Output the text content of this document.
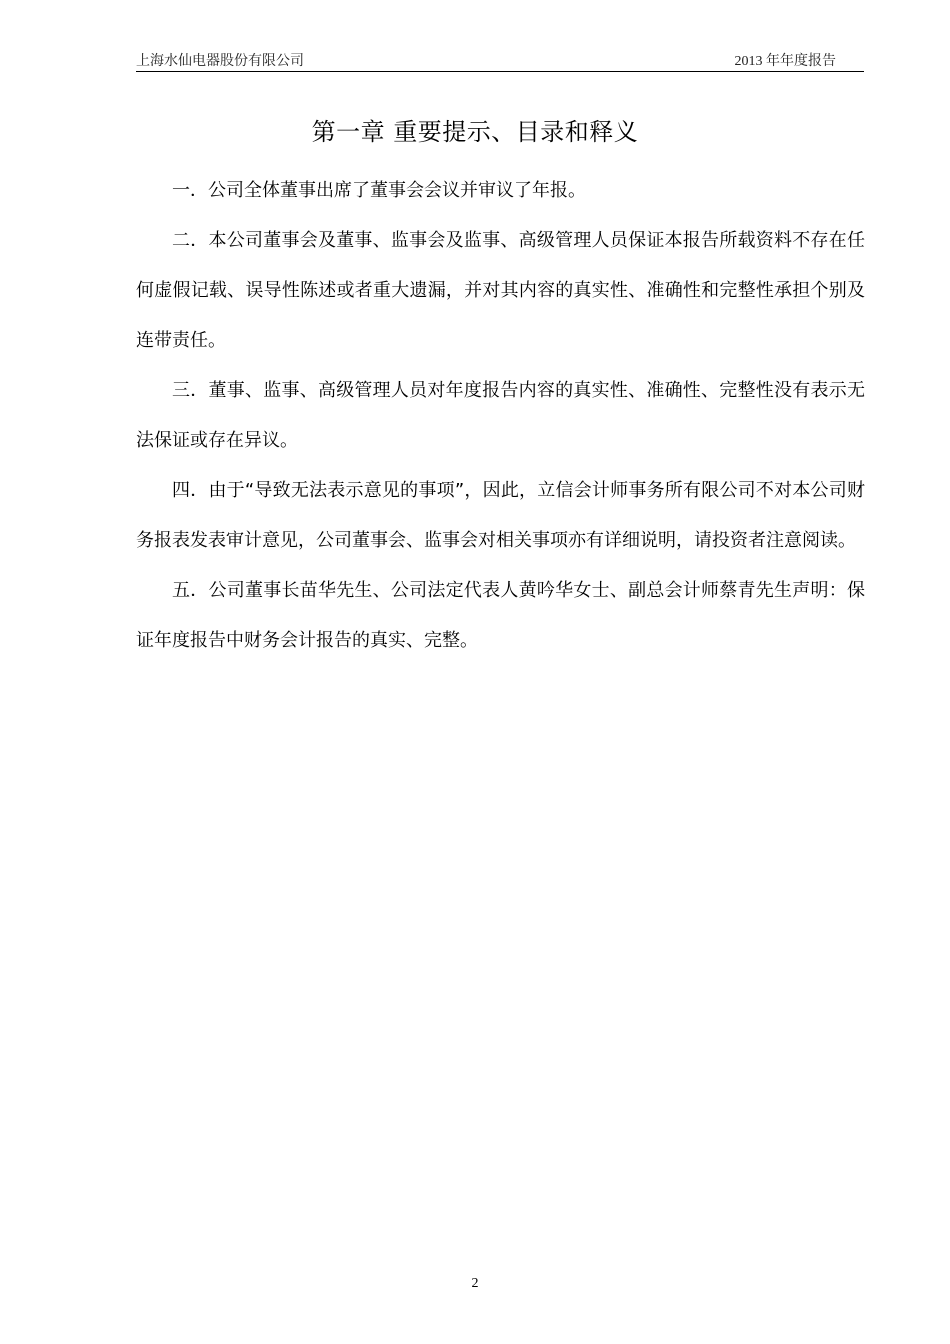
上海水仙电器股份有限公司	2013 年年度报告
第一章 重要提示、目录和释义

一．公司全体董事出席了董事会会议并审议了年报。

二．本公司董事会及董事、监事会及监事、高级管理人员保证本报告所载资料不存在任何虚假记载、误导性陈述或者重大遗漏，并对其内容的真实性、准确性和完整性承担个别及连带责任。

三．董事、监事、高级管理人员对年度报告内容的真实性、准确性、完整性没有表示无法保证或存在异议。

四．由于“导致无法表示意见的事项”，因此，立信会计师事务所有限公司不对本公司财务报表发表审计意见，公司董事会、监事会对相关事项亦有详细说明，请投资者注意阅读。

五．公司董事长苗华先生、公司法定代表人黄吟华女士、副总会计师蔡青先生声明：保证年度报告中财务会计报告的真实、完整。

2
